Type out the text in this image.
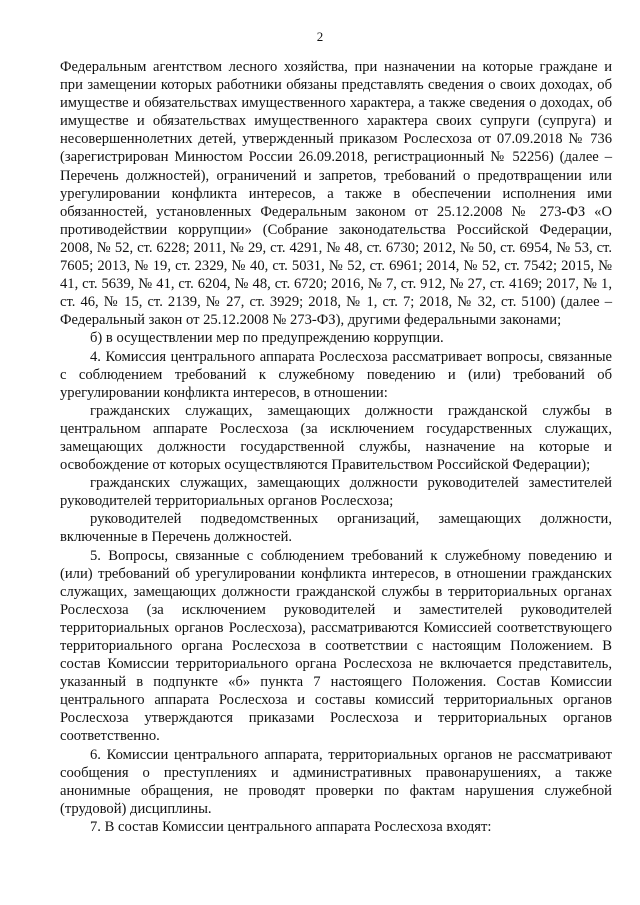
2

Федеральным агентством лесного хозяйства, при назначении на которые граждане и при замещении которых работники обязаны представлять сведения о своих доходах, об имуществе и обязательствах имущественного характера, а также сведения о доходах, об имуществе и обязательствах имущественного характера своих супруги (супруга) и несовершеннолетних детей, утвержденный приказом Рослесхоза от 07.09.2018 № 736 (зарегистрирован Минюстом России 26.09.2018, регистрационный № 52256) (далее – Перечень должностей), ограничений и запретов, требований о предотвращении или урегулировании конфликта интересов, а также в обеспечении исполнения ими обязанностей, установленных Федеральным законом от 25.12.2008 № 273-ФЗ «О противодействии коррупции» (Собрание законодательства Российской Федерации, 2008, № 52, ст. 6228; 2011, № 29, ст. 4291, № 48, ст. 6730; 2012, № 50, ст. 6954, № 53, ст. 7605; 2013, № 19, ст. 2329, № 40, ст. 5031, № 52, ст. 6961; 2014, № 52, ст. 7542; 2015, № 41, ст. 5639, № 41, ст. 6204, № 48, ст. 6720; 2016, № 7, ст. 912, № 27, ст. 4169; 2017, № 1, ст. 46, № 15, ст. 2139, № 27, ст. 3929; 2018, № 1, ст. 7; 2018, № 32, ст. 5100) (далее – Федеральный закон от 25.12.2008 № 273-ФЗ), другими федеральными законами;

б) в осуществлении мер по предупреждению коррупции.

4. Комиссия центрального аппарата Рослесхоза рассматривает вопросы, связанные с соблюдением требований к служебному поведению и (или) требований об урегулировании конфликта интересов, в отношении:

гражданских служащих, замещающих должности гражданской службы в центральном аппарате Рослесхоза (за исключением государственных служащих, замещающих должности государственной службы, назначение на которые и освобождение от которых осуществляются Правительством Российской Федерации);

гражданских служащих, замещающих должности руководителей заместителей руководителей территориальных органов Рослесхоза;

руководителей подведомственных организаций, замещающих должности, включенные в Перечень должностей.

5. Вопросы, связанные с соблюдением требований к служебному поведению и (или) требований об урегулировании конфликта интересов, в отношении гражданских служащих, замещающих должности гражданской службы в территориальных органах Рослесхоза (за исключением руководителей и заместителей руководителей территориальных органов Рослесхоза), рассматриваются Комиссией соответствующего территориального органа Рослесхоза в соответствии с настоящим Положением. В состав Комиссии территориального органа Рослесхоза не включается представитель, указанный в подпункте «б» пункта 7 настоящего Положения. Состав Комиссии центрального аппарата Рослесхоза и составы комиссий территориальных органов Рослесхоза утверждаются приказами Рослесхоза и территориальных органов соответственно.

6. Комиссии центрального аппарата, территориальных органов не рассматривают сообщения о преступлениях и административных правонарушениях, а также анонимные обращения, не проводят проверки по фактам нарушения служебной (трудовой) дисциплины.

7. В состав Комиссии центрального аппарата Рослесхоза входят:
